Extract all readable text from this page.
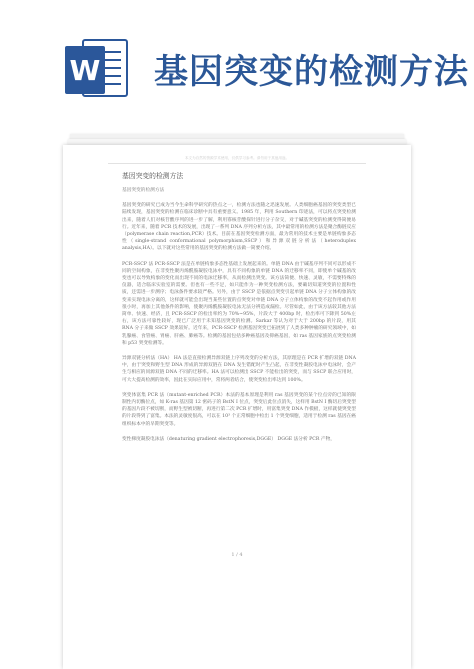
W 基因突变的检测方法
本文为自然的资源学术使用，仅供学习参考。请勿用于其他用途。
基因突变的检测方法
基因突变的检测方法

基因突变的研究已成为当今生命科学研究的热点之一，检测方法也随之迅速发展。人类细胞癌基因的突变类型已陆续发现，基因突变的检测在临床诊断中具有重要意义。1985 年，利用 Southern 印迹法，可以将点突变检测出来，随着人们对核苷酸序列的进一步了解，利用寡核苷酸探针进行分子杂交，对于碱基突变的检测变得简便易行。近年来，随着 PCR 技术的发展，出现了一系列 DNA 序列分析方法，其中最常用的检测方法是聚合酶链反应（polymerase chain reaction,PCR）技术。目前在基因突变检测方面，最为常用的技术主要是单链构象多态性（single-strand conformational polymorphism,SSCP）和异源双链分析法（heteroduplex analysis,HA）。以下就对这些常用的基因突变的检测方法做一简要介绍。

PCR-SSCP 法 PCR-SSCP 法是在单链构象多态性基础上发展起来的。单链 DNA 由于碱基序列不同可以形成不同的空间构象，在非变性聚丙烯酰胺凝胶电泳中，具有不同构象的单链 DNA 的迁移率不同，即使单个碱基的改变也可以导致构象的变化而出现不同的电泳迁移率，从而检测出突变。该方法简便、快速、灵敏，不需要特殊的仪器，适合临床实验室的需要。但也有一些不足，如只能作为一种突变检测方法，要确切知道突变的位置和性质，还需进一步测序；电泳条件要求较严格。另外，由于 SSCP 是依据点突变引起单链 DNA 分子立体构象的改变来实现电泳分离的，这样就可能会出现当某些位置的点突变对单链 DNA 分子立体构象的改变不起作用或作用很小时，再加上其他条件的影响，使聚丙烯酰胺凝胶电泳无法分辨造成漏检。尽管如此，由于该方法较其他方法简单、快速、经济，且 PCR-SSCP 的检出率约为 70%~95%，片段大于 400bp 时，检出率可下降到 50%左右，该方法可靠性较好，现已广泛用于未知基因突变的检测。Sarkar 等认为对于大于 200bp 的片段，用其 RNA 分子来做 SSCP 效果较好。近年来，PCR-SSCP 检测基因突变已拓展到了人类多种肿瘤的研究领域中，如乳腺癌、食管癌、胃癌、肝癌、肺癌等。检测的基因包括多种癌基因及抑癌基因，如 ras 基因家族的点突变检测和 p53 突变检测等。

异源双链分析法（HA） HA 法是直接检测异源双链上序列改变的分析方法，其原理是在 PCR 扩增的双链 DNA 中，由于突变和野生型 DNA 形成的异源双链在 DNA 发生错配时产生凸起，在非变性凝胶电泳中电泳时，会产生与相应的同源双链 DNA 不同的迁移率。HA 法可以检测出 SSCP 不能检出的突变，而与 SSCP 联合应用时，可大大提高检测的效率，因此在实际应用中，常将两者结合，使突变检出率达到 100%。

突变体富集 PCR 法（mutant-enriched PCR）本法的基本原理是利用 ras 基因突变的某个位点旁的已知的限制性内切酶位点，如 K-ras 基因第 12 密码子的 BstN I 位点，突变后此位点消失，这样用 BstN I 酶切后突变型的基因片段不被切断，而野生型被切断，再进行第二次 PCR 扩增时，用富集突变 DNA 作模板，这样就使突变型的片段得到了富集。本法的灵敏度很高，可以在 10³ 个正常细胞中检出 1 个突变细胞，适用于检测 ras 基因在癌组织标本中的早期突变等。

变性梯度凝胶电泳法（denaturing gradient electrophoresis,DGGE） DGGE 法分析 PCR 产物，

1 / 4
